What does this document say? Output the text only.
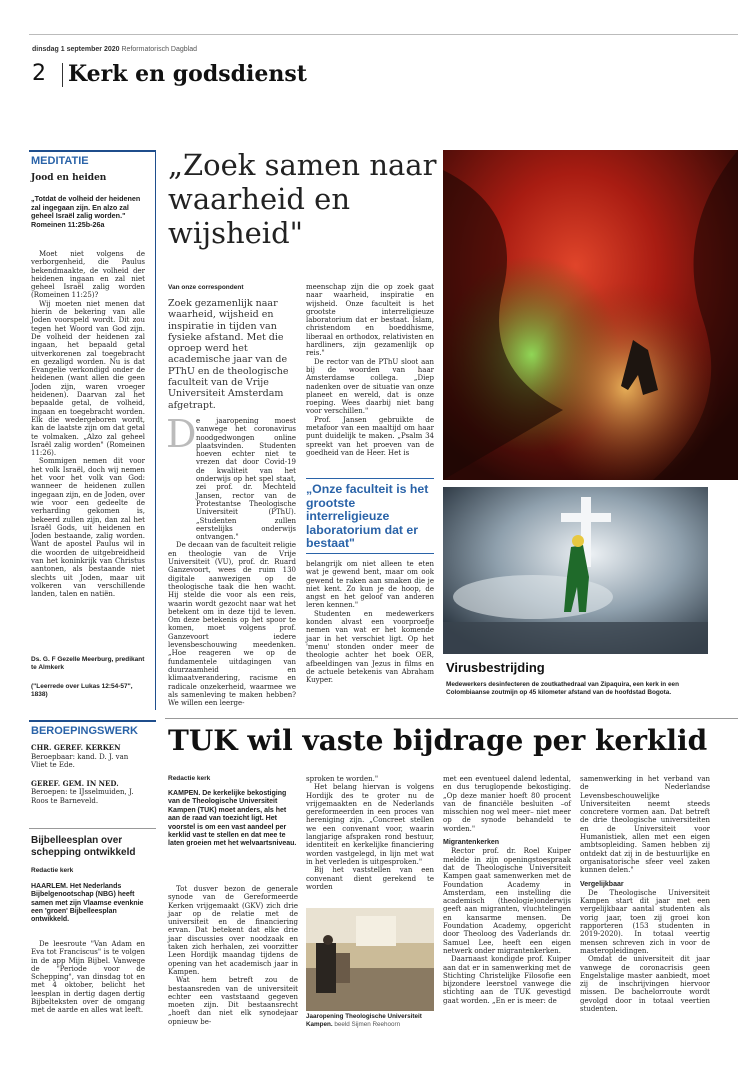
dinsdag 1 september 2020 Reformatorisch Dagblad
2 Kerk en godsdienst
MEDITATIE
Jood en heiden
„Totdat de volheid der heidenen zal ingegaan zijn. En alzo zal geheel Israël zalig worden."
Romeinen 11:25b-26a

Moet niet volgens de verborgenheid, die Paulus bekendmaakte, de volheid der heidenen ingaan en zal niet geheel Israël zalig worden (Romeinen 11:25)?

Wij moeten niet menen dat hierin de bekering van alle Joden voorspeld wordt. Dit zou tegen het Woord van God zijn. De volheid der heidenen zal ingaan, het bepaald getal uitverkorenen zal toegebracht en gezaligd worden. Nu is dat Evangelie verkondigd onder de heidenen (want allen die geen Joden zijn, waren vroeger heidenen). Daarvan zal het bepaalde getal, de volheid, ingaan en toegebracht worden. Elk die wedergeboren wordt, kan de laatste zijn om dat getal te volmaken. „Alzo zal geheel Israël zalig worden" (Romeinen 11:26).

Sommigen nemen dit voor het volk Israël, doch wij nemen het voor het volk van God: wanneer de heidenen zullen ingegaan zijn, en de Joden, over wie voor een gedeelte de verharding gekomen is, bekeerd zullen zijn, dan zal het Israël Gods, uit heidenen en Joden bestaande, zalig worden. Want de apostel Paulus wil in die woorden de uitgebreidheid van het koninkrijk van Christus aantonen, als bestaande niet slechts uit Joden, maar uit volkeren van verschillende landen, talen en natiën.

Ds. G. F Gezelle Meerburg, predikant te Almkerk
("Leerrede over Lukas 12:54-57", 1838)
BEROEPINGSWERK
CHR. GEREF. KERKEN
Beroepbaar: kand. D. J. van Vliet te Ede.
GEREF. GEM. IN NED.
Beroepen: te IJsselmuiden, J. Roos te Barneveld.
Bijbelleesplan over schepping ontwikkeld
Redactie kerk
HAARLEM. Het Nederlands Bijbelgenootschap (NBG) heeft samen met zijn Vlaamse evenknie een 'groen' Bijbelleesplan ontwikkeld.
De leesroute "Van Adam en Eva tot Franciscus" is te volgen in de app Mijn Bijbel. Vanwege de "Periode voor de Schepping", van dinsdag tot en met 4 oktober, belicht het leesplan in dertig dagen dertig Bijbelteksten over de omgang met de aarde en alles wat leeft.
„Zoek samen naar waarheid en wijsheid"
Van onze correspondent
Zoek gezamenlijk naar waarheid, wijsheid en inspiratie in tijden van fysieke afstand. Met die oproep werd het academische jaar van de PThU en de theologische faculteit van de Vrije Universiteit Amsterdam afgetrapt.
D e jaaropening moest vanwege het coronavirus noodgedwongen online plaatsvinden. Studenten hoeven echter niet te vrezen dat door Covid-19 de kwaliteit van het onderwijs op het spel staat, zei prof. dr. Mechteld Jansen, rector van de Protestantse Theologische Universiteit (PThU). „Studenten zullen eerstelijks onderwijs ontvangen."

De decaan van de faculteit religie en theologie van de Vrije Universiteit (VU), prof. dr. Ruard Ganzevoort, wees de ruim 130 digitale aanwezigen op de theologische taak die hen wacht. Hij stelde die voor als een reis, waarin wordt gezocht naar wat het betekent om in deze tijd te leven. Om deze betekenis op het spoor te komen, moet volgens prof. Ganzevoort iedere levensbeschouwing meedenken. „Hoe reageren we op de fundamentele uitdagingen van duurzaamheid en klimaatverandering, racisme en radicale onzekerheid, waarmee we als samenleving te maken hebben? We willen een leerge-

meenschap zijn die op zoek gaat naar waarheid, inspiratie en wijsheid. Onze faculteit is het grootste interreligieuze laboratorium dat er bestaat. Islam, christendom en boeddhisme, liberaal en orthodox, relativisten en hardliners, zijn gezamenlijk op reis."

De rector van de PThU sloot aan bij de woorden van haar Amsterdamse collega. „Diep nadenken over de situatie van onze planeet en wereld, dat is onze roeping. Wees daarbij niet bang voor verschillen."

Prof. Jansen gebruikte de metafoor van een maaltijd om haar punt duidelijk te maken. „Psalm 34 spreekt van het proeven van de goedheid van de Heer. Het is

„Onze faculteit is het grootste interreligieuze laboratorium dat er bestaat"

belangrijk om niet alleen te eten wat je gewend bent, maar om ook gewend te raken aan smaken die je niet kent. Zo kun je de hoop, de angst en het geloof van anderen leren kennen."

Studenten en medewerkers konden alvast een voorproefje nemen van wat er het komende jaar in het verschiet ligt. Op het 'menu' stonden onder meer de theologie achter het boek OER, afbeeldingen van Jezus in films en de actuele betekenis van Abraham Kuyper.

Virusbestrijding
Medewerkers desinfecteren de zoutkathedraal van Zipaquira, een kerk in een Colombiaanse zoutmijn op 45 kilometer afstand van de hoofdstad Bogota.
TUK wil vaste bijdrage per kerklid
Redactie kerk
KAMPEN. De kerkelijke bekostiging van de Theologische Universiteit Kampen (TUK) moet anders, als het aan de raad van toezicht ligt. Het voorstel is om een vast aandeel per kerklid vast te stellen en dat mee te laten groeien met het welvaartsniveau.

Tot dusver bezon de generale synode van de Gereformeerde Kerken vrijgemaakt (GKV) zich drie jaar op de relatie met de universiteit en de financiering ervan. Dat betekent dat elke drie jaar discussies over noodzaak en taken zich herhalen, zei voorzitter Leen Hordijk maandag tijdens de opening van het academisch jaar in Kampen.

Wat hem betreft zou de bestaansreden van de universiteit echter een vaststaand gegeven moeten zijn. Dit bestaansrecht „hoeft dan niet elk synodejaar opnieuw be-

sproken te worden."

Het belang hiervan is volgens Hordijk des te groter nu de vrijgemaakten en de Nederlands gereformeerden in een proces van hereniging zijn. „Concreet stellen we een convenant voor, waarin langjarige afspraken rond bestuur, identiteit en kerkelijke financiering worden vastgelegd, in lijn met wat in het verleden is uitgesproken."

Bij het vaststellen van een convenant dient gerekend te worden

Jaaropening Theologische Universiteit Kampen. beeld Sijmen Reehoorn

met een eventueel dalend ledental, en dus teruglopende bekostiging. „Op deze manier hoeft 80 procent van de financiële besluiten –of misschien nog wel meer– niet meer op de synode behandeld te worden."

Migrantenkerken

Rector prof. dr. Roel Kuiper meldde in zijn openingstoespraak dat de Theologische Universiteit Kampen gaat samenwerken met de Foundation Academy in Amsterdam, een instelling die academisch (theologie)onderwijs geeft aan migranten, vluchtelingen en kansarme mensen. De Foundation Academy, opgericht door Theoloog des Vaderlands dr. Samuel Lee, heeft een eigen netwerk onder migrantenkerken.

Daarnaast kondigde prof. Kuiper aan dat er in samenwerking met de Stichting Christelijke Filosofie een bijzondere leerstoel vanwege die stichting aan de TUK gevestigd gaat worden. „En er is meer: de

samenwerking in het verband van de Nederlandse Levensbeschouwelijke Universiteiten neemt steeds concretere vormen aan. Dat betreft de drie theologische universiteiten en de Universiteit voor Humanistiek, allen met een eigen ambtsopleiding. Samen hebben zij ontdekt dat zij in de bestuurlijke en organisatorische sfeer veel zaken kunnen delen."

Vergelijkbaar

De Theologische Universiteit Kampen start dit jaar met een vergelijkbaar aantal studenten als vorig jaar, toen zij groei kon rapporteren (153 studenten in 2019-2020). In totaal veertig mensen schreven zich in voor de masteropleidingen.

Omdat de universiteit dit jaar vanwege de coronacrisis geen Engelstalige master aanbiedt, moet zij de inschrijvingen hiervoor missen. De bachelorroute wordt gevolgd door in totaal veertien studenten.
